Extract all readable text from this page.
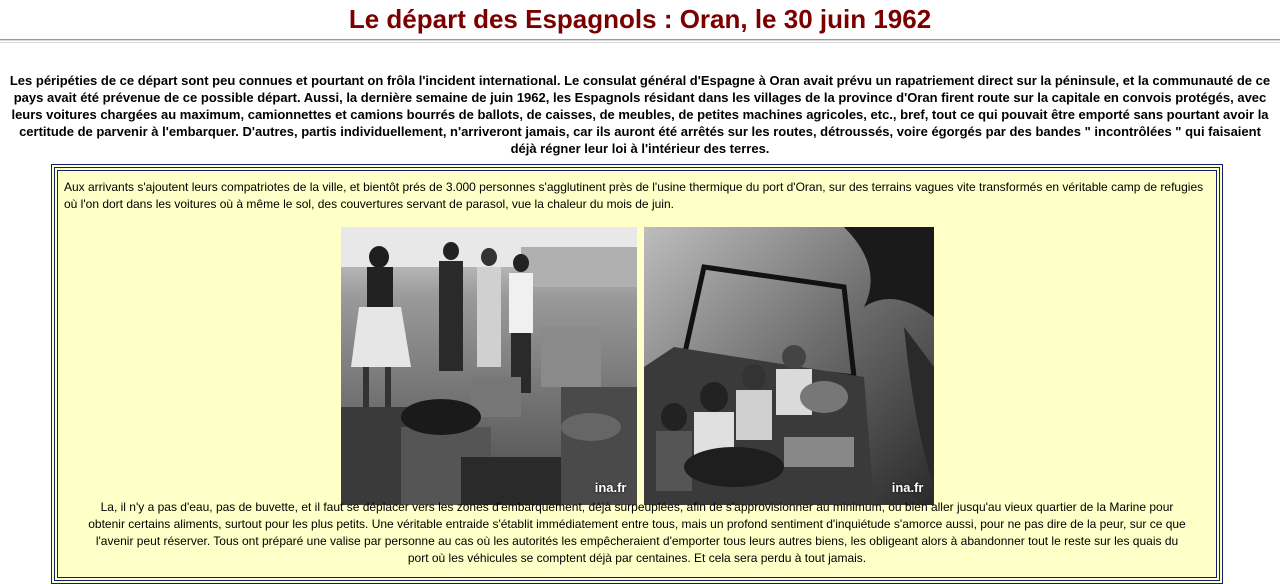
Le départ des Espagnols : Oran, le 30 juin 1962

Les péripéties de ce départ sont peu connues et pourtant on frôla l'incident international. Le consulat général d'Espagne à Oran avait prévu un rapatriement direct sur la péninsule, et la communauté de ce pays avait été prévenue de ce possible départ. Aussi, la dernière semaine de juin 1962, les Espagnols résidant dans les villages de la province d'Oran firent route sur la capitale en convois protégés, avec leurs voitures chargées au maximum, camionnettes et camions bourrés de ballots, de caisses, de meubles, de petites machines agricoles, etc., bref, tout ce qui pouvait être emporté sans pourtant avoir la certitude de parvenir à l'embarquer. D'autres, partis individuellement, n'arriveront jamais, car ils auront été arrêtés sur les routes, détroussés, voire égorgés par des bandes " incontrôlées " qui faisaient déjà régner leur loi à l'intérieur des terres.

Aux arrivants s'ajoutent leurs compatriotes de la ville, et bientôt prés de 3.000 personnes s'agglutinent près de l'usine thermique du port d'Oran, sur des terrains vagues vite transformés en véritable camp de refugies où l'on dort dans les voitures où à même le sol, des couvertures servant de parasol, vue la chaleur du mois de juin.

ina.fr	ina.fr

La, il n'y a pas d'eau, pas de buvette, et il faut se déplacer vers les zones d'embarquement, déjà surpeuplées, afin de s'approvisionner au minimum, ou bien aller jusqu'au vieux quartier de la Marine pour obtenir certains aliments, surtout pour les plus petits. Une véritable entraide s'établit immédiatement entre tous, mais un profond sentiment d'inquiétude s'amorce aussi, pour ne pas dire de la peur, sur ce que l'avenir peut réserver. Tous ont préparé une valise par personne au cas où les autorités les empêcheraient d'emporter tous leurs autres biens, les obligeant alors à abandonner tout le reste sur les quais du port où les véhicules se comptent déjà par centaines. Et cela sera perdu à tout jamais.
